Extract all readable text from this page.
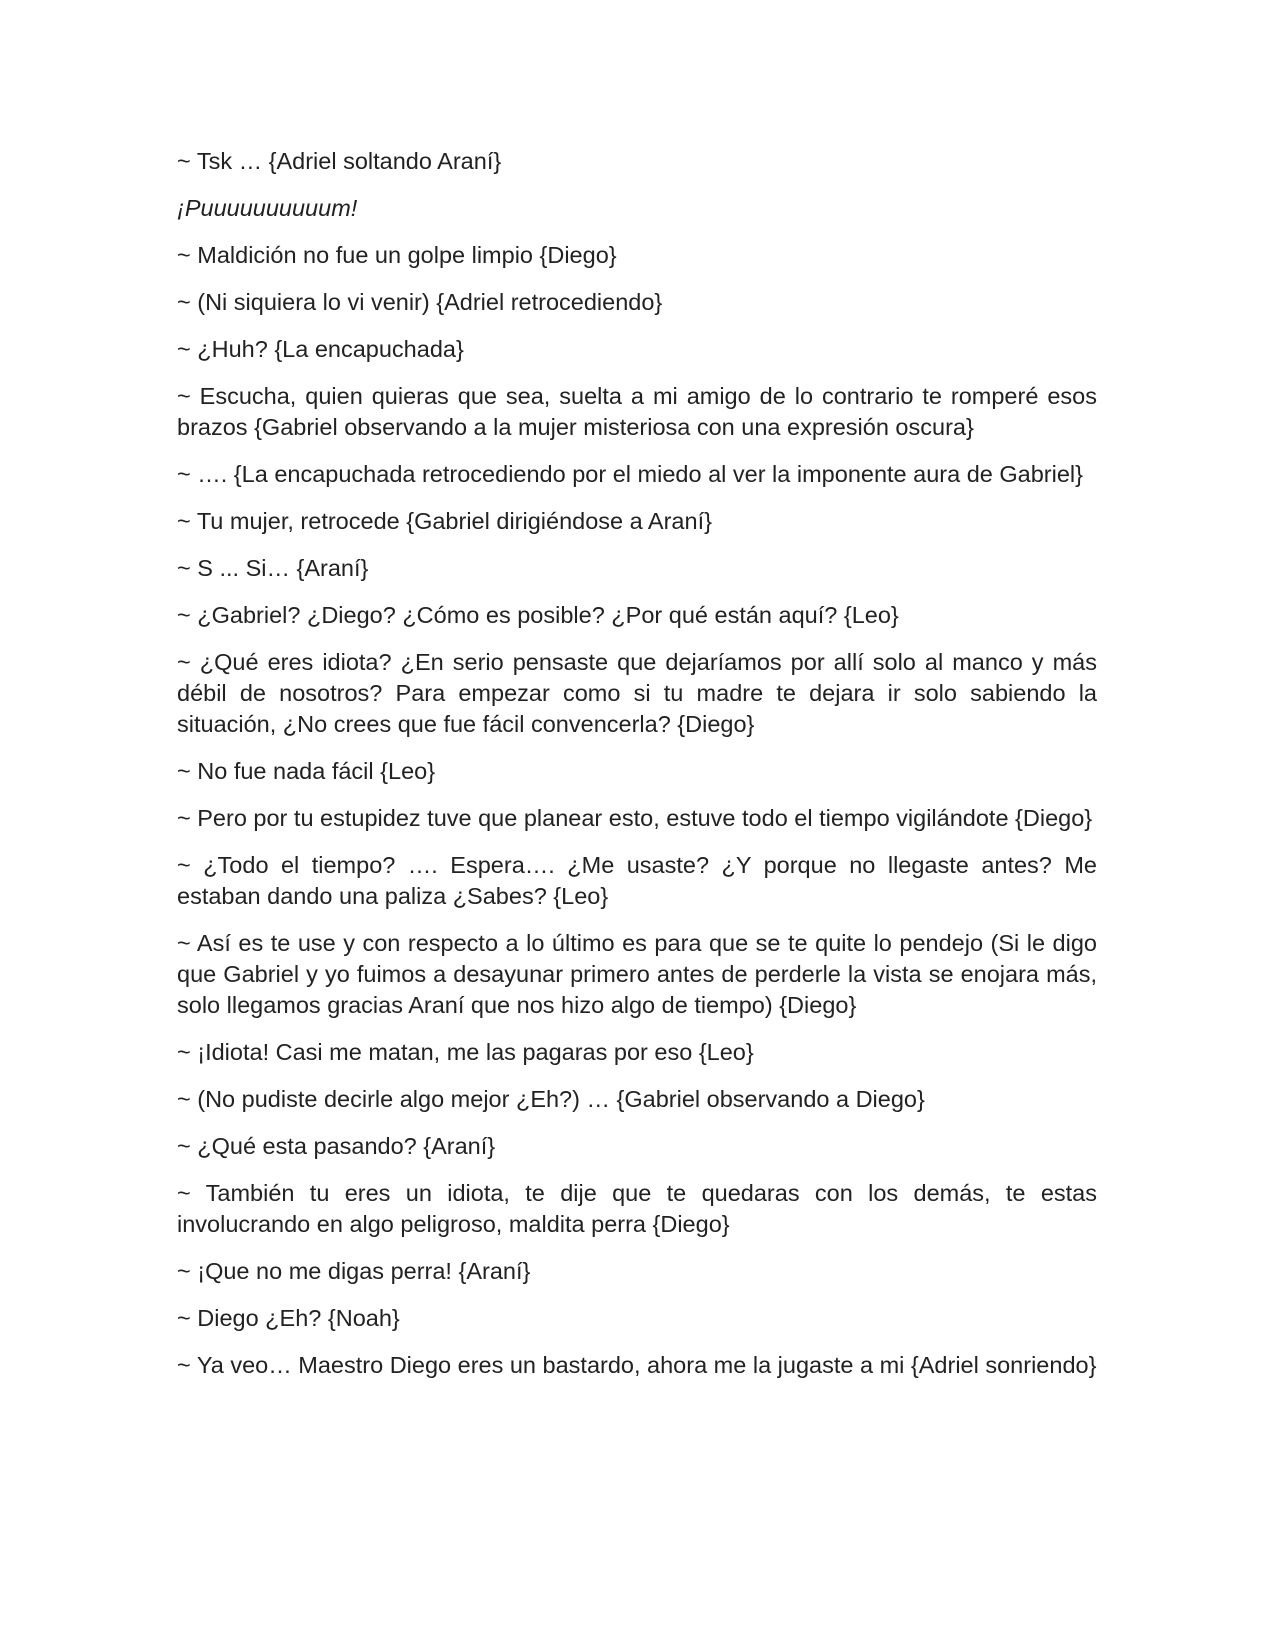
~ Tsk … {Adriel soltando Araní}

¡Puuuuuuuuuum!

~ Maldición no fue un golpe limpio {Diego}

~ (Ni siquiera lo vi venir) {Adriel retrocediendo}

~ ¿Huh? {La encapuchada}

~ Escucha, quien quieras que sea, suelta a mi amigo de lo contrario te romperé esos brazos {Gabriel observando a la mujer misteriosa con una expresión oscura}

~ …. {La encapuchada retrocediendo por el miedo al ver la imponente aura de Gabriel}

~ Tu mujer, retrocede {Gabriel dirigiéndose a Araní}

~ S ... Si… {Araní}

~ ¿Gabriel? ¿Diego? ¿Cómo es posible? ¿Por qué están aquí? {Leo}

~ ¿Qué eres idiota? ¿En serio pensaste que dejaríamos por allí solo al manco y más débil de nosotros? Para empezar como si tu madre te dejara ir solo sabiendo la situación, ¿No crees que fue fácil convencerla? {Diego}

~ No fue nada fácil {Leo}

~ Pero por tu estupidez tuve que planear esto, estuve todo el tiempo vigilándote {Diego}

~ ¿Todo el tiempo? …. Espera…. ¿Me usaste? ¿Y porque no llegaste antes? Me estaban dando una paliza ¿Sabes? {Leo}

~ Así es te use y con respecto a lo último es para que se te quite lo pendejo (Si le digo que Gabriel y yo fuimos a desayunar primero antes de perderle la vista se enojara más, solo llegamos gracias Araní que nos hizo algo de tiempo) {Diego}

~ ¡Idiota! Casi me matan, me las pagaras por eso {Leo}

~ (No pudiste decirle algo mejor ¿Eh?) … {Gabriel observando a Diego}

~ ¿Qué esta pasando? {Araní}

~ También tu eres un idiota, te dije que te quedaras con los demás, te estas involucrando en algo peligroso, maldita perra {Diego}

~ ¡Que no me digas perra! {Araní}

~ Diego ¿Eh? {Noah}

~ Ya veo… Maestro Diego eres un bastardo, ahora me la jugaste a mi {Adriel sonriendo}
